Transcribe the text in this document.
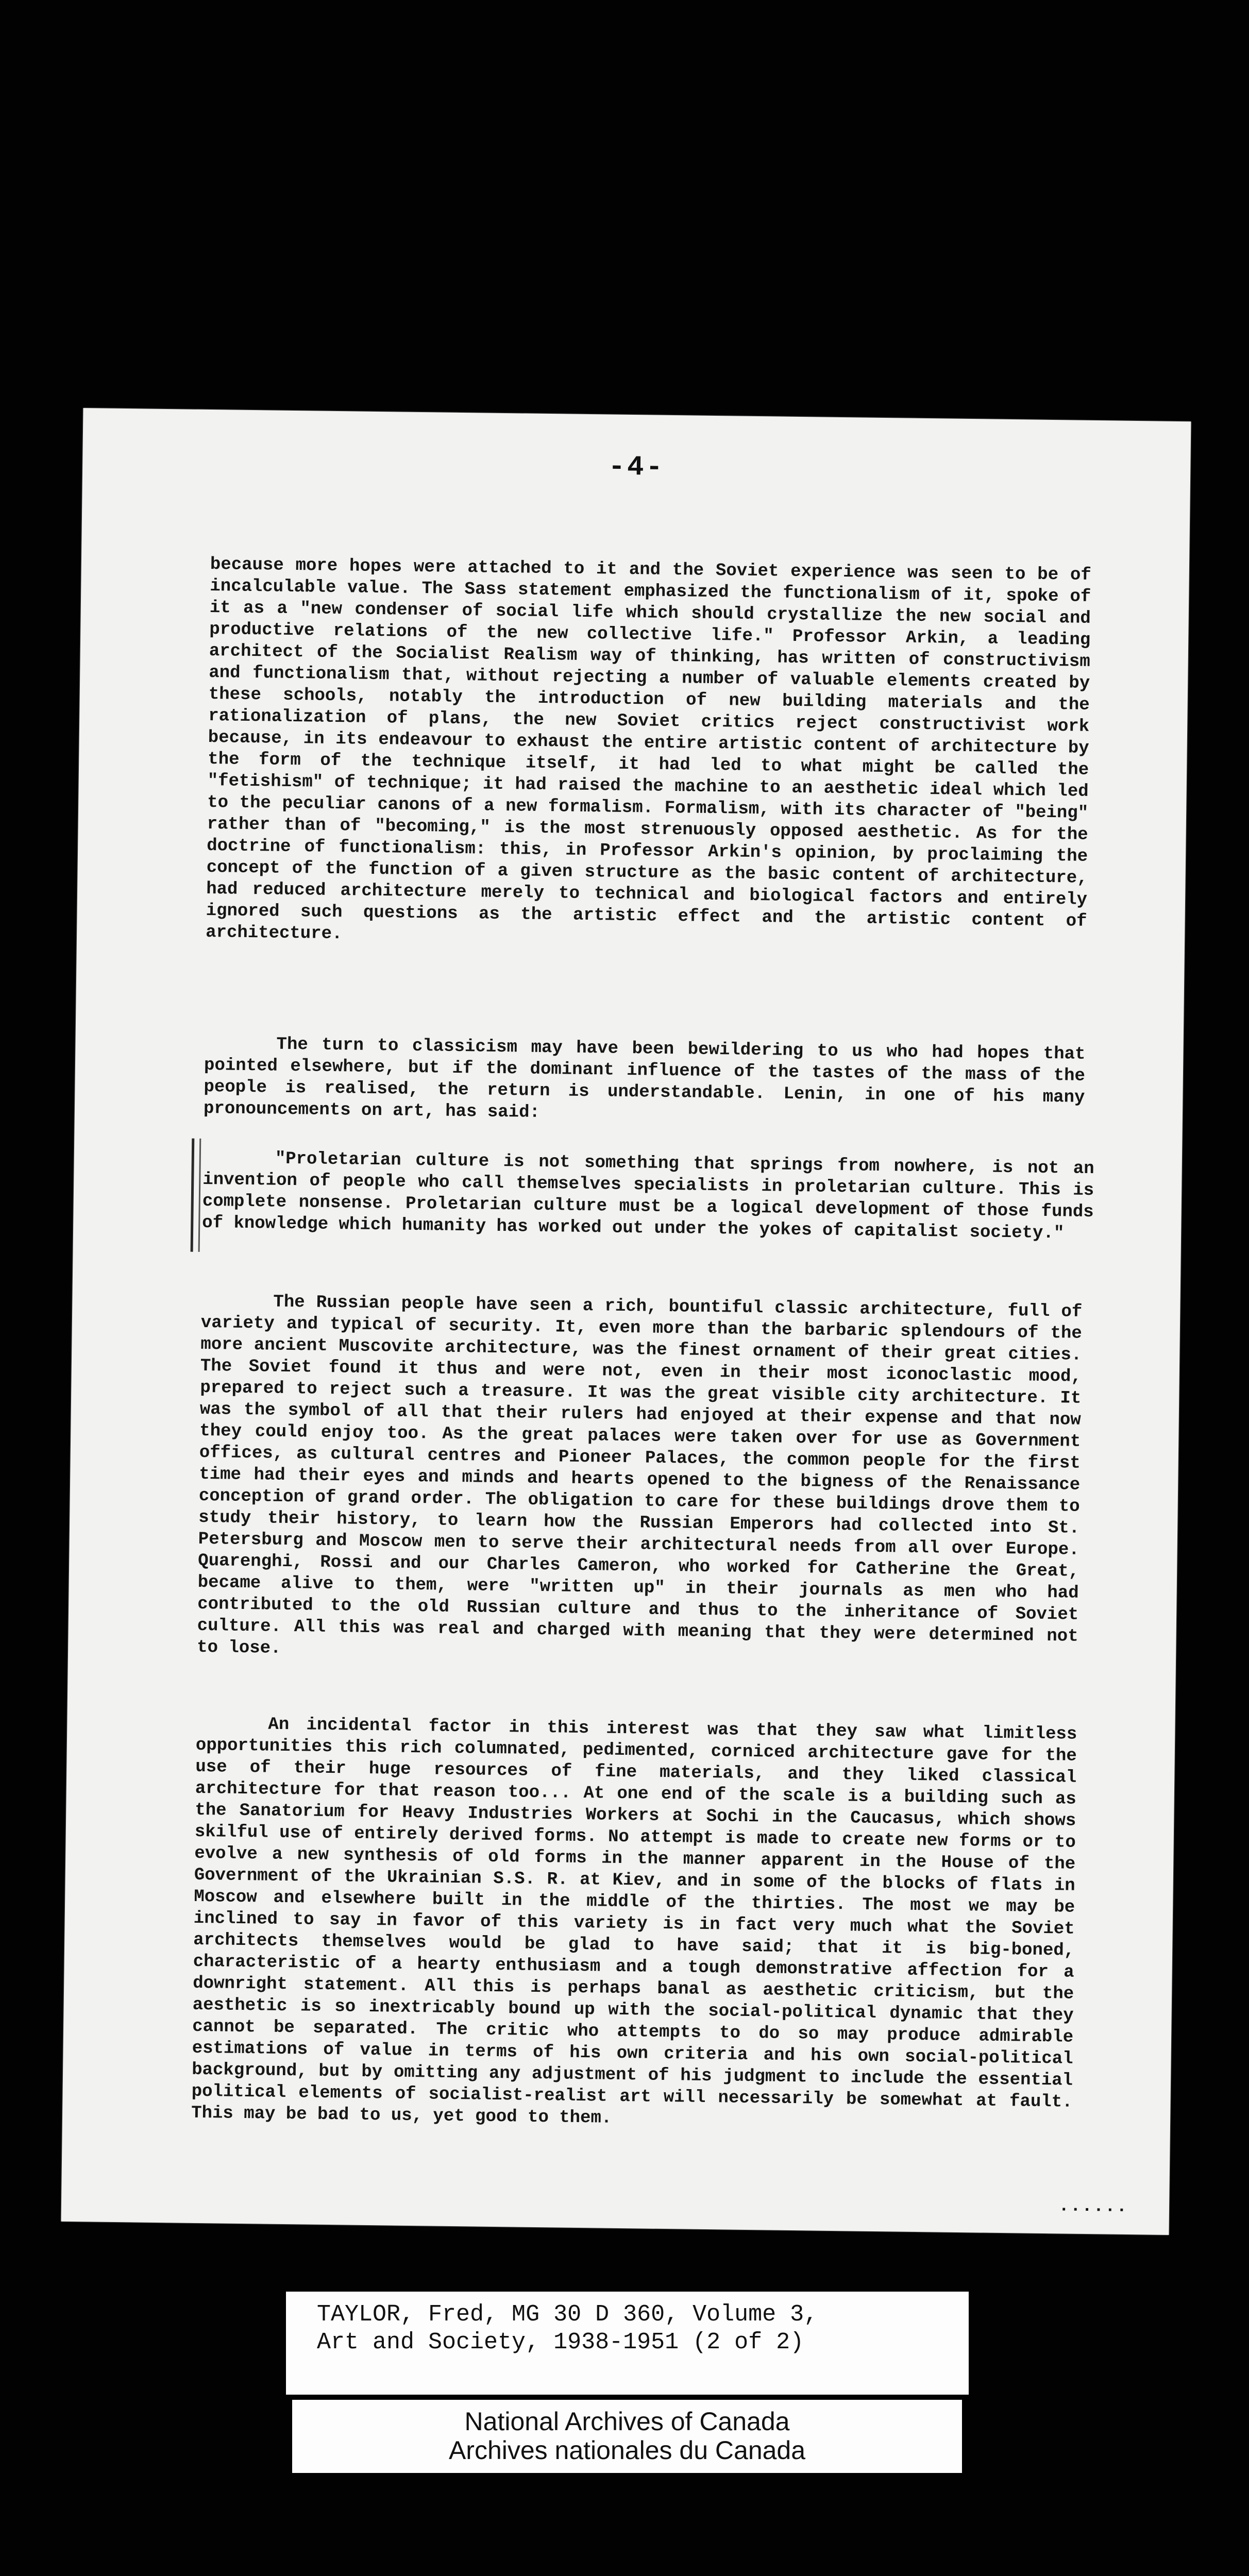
-4-

because more hopes were attached to it and the Soviet experience was seen to be of incalculable value. The Sass statement emphasized the functionalism of it, spoke of it as a "new condenser of social life which should crystallize the new social and productive relations of the new collective life." Professor Arkin, a leading architect of the Socialist Realism way of thinking, has written of constructivism and functionalism that, without rejecting a number of valuable elements created by these schools, notably the introduction of new building materials and the rationalization of plans, the new Soviet critics reject constructivist work because, in its endeavour to exhaust the entire artistic content of architecture by the form of the technique itself, it had led to what might be called the "fetishism" of technique; it had raised the machine to an aesthetic ideal which led to the peculiar canons of a new formalism. Formalism, with its character of "being" rather than of "becoming," is the most strenuously opposed aesthetic. As for the doctrine of functionalism: this, in Professor Arkin's opinion, by proclaiming the concept of the function of a given structure as the basic content of architecture, had reduced architecture merely to technical and biological factors and entirely ignored such questions as the artistic effect and the artistic content of architecture.

The turn to classicism may have been bewildering to us who had hopes that pointed elsewhere, but if the dominant influence of the tastes of the mass of the people is realised, the return is understandable. Lenin, in one of his many pronouncements on art, has said:

"Proletarian culture is not something that springs from nowhere, is not an invention of people who call themselves specialists in proletarian culture. This is complete nonsense. Proletarian culture must be a logical development of those funds of knowledge which humanity has worked out under the yokes of capitalist society."

The Russian people have seen a rich, bountiful classic architecture, full of variety and typical of security. It, even more than the barbaric splendours of the more ancient Muscovite architecture, was the finest ornament of their great cities. The Soviet found it thus and were not, even in their most iconoclastic mood, prepared to reject such a treasure. It was the great visible city architecture. It was the symbol of all that their rulers had enjoyed at their expense and that now they could enjoy too. As the great palaces were taken over for use as Government offices, as cultural centres and Pioneer Palaces, the common people for the first time had their eyes and minds and hearts opened to the bigness of the Renaissance conception of grand order. The obligation to care for these buildings drove them to study their history, to learn how the Russian Emperors had collected into St. Petersburg and Moscow men to serve their architectural needs from all over Europe. Quarenghi, Rossi and our Charles Cameron, who worked for Catherine the Great, became alive to them, were "written up" in their journals as men who had contributed to the old Russian culture and thus to the inheritance of Soviet culture. All this was real and charged with meaning that they were determined not to lose.

An incidental factor in this interest was that they saw what limitless opportunities this rich columnated, pedimented, corniced architecture gave for the use of their huge resources of fine materials, and they liked classical architecture for that reason too... At one end of the scale is a building such as the Sanatorium for Heavy Industries Workers at Sochi in the Caucasus, which shows skilful use of entirely derived forms. No attempt is made to create new forms or to evolve a new synthesis of old forms in the manner apparent in the House of the Government of the Ukrainian S.S. R. at Kiev, and in some of the blocks of flats in Moscow and elsewhere built in the middle of the thirties. The most we may be inclined to say in favor of this variety is in fact very much what the Soviet architects themselves would be glad to have said; that it is big-boned, characteristic of a hearty enthusiasm and a tough demonstrative affection for a downright statement. All this is perhaps banal as aesthetic criticism, but the aesthetic is so inextricably bound up with the social-political dynamic that they cannot be separated. The critic who attempts to do so may produce admirable estimations of value in terms of his own criteria and his own social-political background, but by omitting any adjustment of his judgment to include the essential political elements of socialist-realist art will necessarily be somewhat at fault. This may be bad to us, yet good to them.

......
TAYLOR, Fred, MG 30 D 360, Volume 3,
Art and Society, 1938-1951 (2 of 2)
National Archives of Canada
Archives nationales du Canada
